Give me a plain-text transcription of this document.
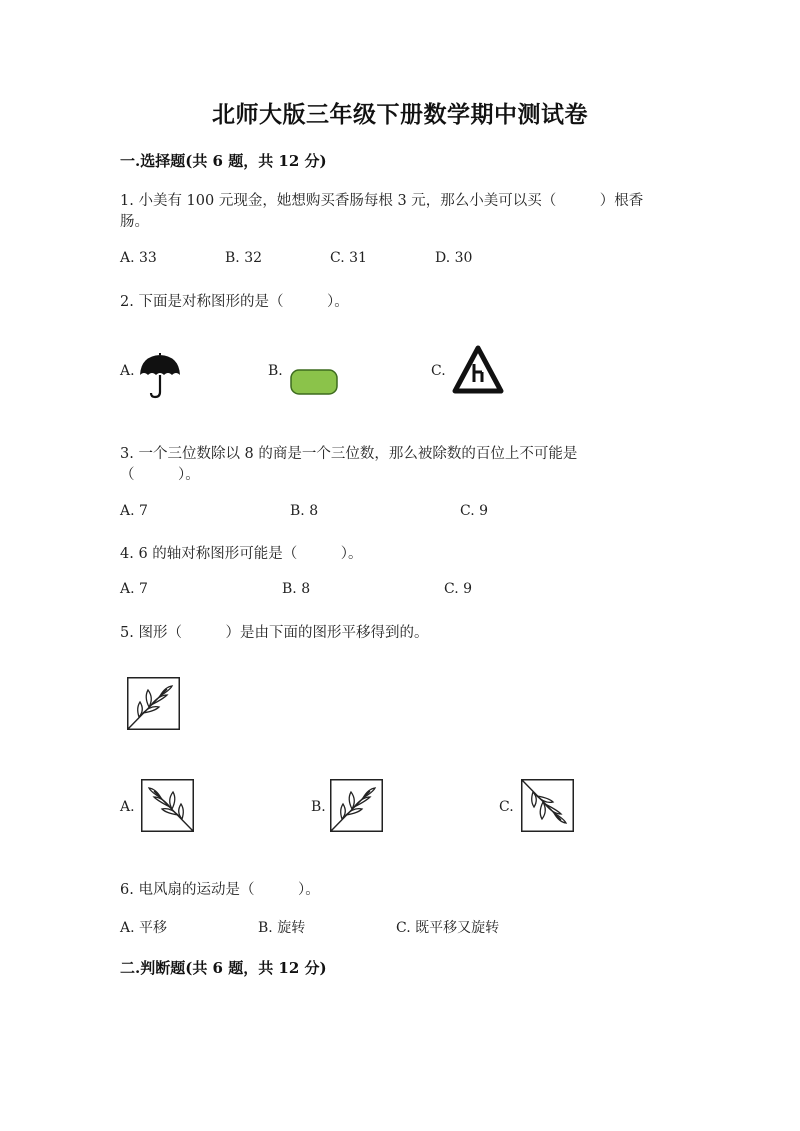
北师大版三年级下册数学期中测试卷
一.选择题(共 6 题，共 12 分)
1. 小美有 100 元现金，她想购买香肠每根 3 元，那么小美可以买（　　　）根香
肠。
A. 33	B. 32	C. 31	D. 30
2. 下面是对称图形的是（　　　）。
A.	B.	C.
3. 一个三位数除以 8 的商是一个三位数，那么被除数的百位上不可能是
（　　　）。
A. 7	B. 8	C. 9
4. 6 的轴对称图形可能是（　　　）。
A. 7	B. 8	C. 9
5. 图形（　　　）是由下面的图形平移得到的。
A.	B.	C.
6. 电风扇的运动是（　　　）。
A. 平移	B. 旋转	C. 既平移又旋转
二.判断题(共 6 题，共 12 分)
